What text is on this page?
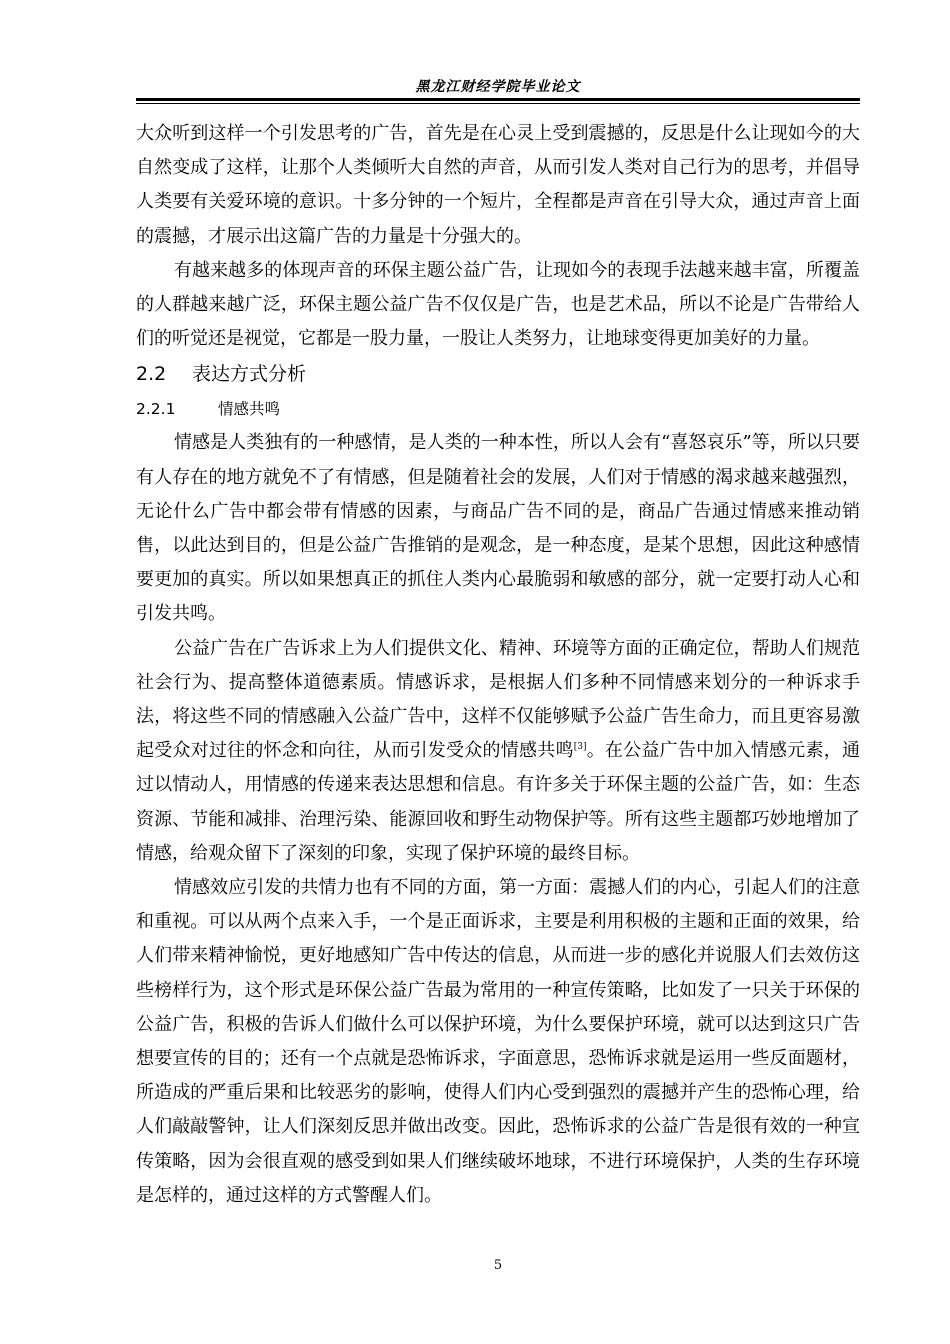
黑龙江财经学院毕业论文

大众听到这样一个引发思考的广告，首先是在心灵上受到震撼的，反思是什么让现如今的大自然变成了这样，让那个人类倾听大自然的声音，从而引发人类对自己行为的思考，并倡导人类要有关爱环境的意识。十多分钟的一个短片，全程都是声音在引导大众，通过声音上面的震撼，才展示出这篇广告的力量是十分强大的。

有越来越多的体现声音的环保主题公益广告，让现如今的表现手法越来越丰富，所覆盖的人群越来越广泛，环保主题公益广告不仅仅是广告，也是艺术品，所以不论是广告带给人们的听觉还是视觉，它都是一股力量，一股让人类努力，让地球变得更加美好的力量。

2.2 表达方式分析
2.2.1	情感共鸣

情感是人类独有的一种感情，是人类的一种本性，所以人会有“喜怒哀乐”等，所以只要有人存在的地方就免不了有情感，但是随着社会的发展，人们对于情感的渴求越来越强烈，无论什么广告中都会带有情感的因素，与商品广告不同的是，商品广告通过情感来推动销售，以此达到目的，但是公益广告推销的是观念，是一种态度，是某个思想，因此这种感情要更加的真实。所以如果想真正的抓住人类内心最脆弱和敏感的部分，就一定要打动人心和引发共鸣。

公益广告在广告诉求上为人们提供文化、精神、环境等方面的正确定位，帮助人们规范社会行为、提高整体道德素质。情感诉求，是根据人们多种不同情感来划分的一种诉求手法，将这些不同的情感融入公益广告中，这样不仅能够赋予公益广告生命力，而且更容易激起受众对过往的怀念和向往，从而引发受众的情感共鸣[3]。在公益广告中加入情感元素，通过以情动人，用情感的传递来表达思想和信息。有许多关于环保主题的公益广告，如：生态资源、节能和减排、治理污染、能源回收和野生动物保护等。所有这些主题都巧妙地增加了情感，给观众留下了深刻的印象，实现了保护环境的最终目标。

情感效应引发的共情力也有不同的方面，第一方面：震撼人们的内心，引起人们的注意和重视。可以从两个点来入手，一个是正面诉求，主要是利用积极的主题和正面的效果，给人们带来精神愉悦，更好地感知广告中传达的信息，从而进一步的感化并说服人们去效仿这些榜样行为，这个形式是环保公益广告最为常用的一种宣传策略，比如发了一只关于环保的公益广告，积极的告诉人们做什么可以保护环境，为什么要保护环境，就可以达到这只广告想要宣传的目的；还有一个点就是恐怖诉求，字面意思，恐怖诉求就是运用一些反面题材，所造成的严重后果和比较恶劣的影响，使得人们内心受到强烈的震撼并产生的恐怖心理，给人们敲敲警钟，让人们深刻反思并做出改变。因此，恐怖诉求的公益广告是很有效的一种宣传策略，因为会很直观的感受到如果人们继续破坏地球，不进行环境保护，人类的生存环境是怎样的，通过这样的方式警醒人们。

5
